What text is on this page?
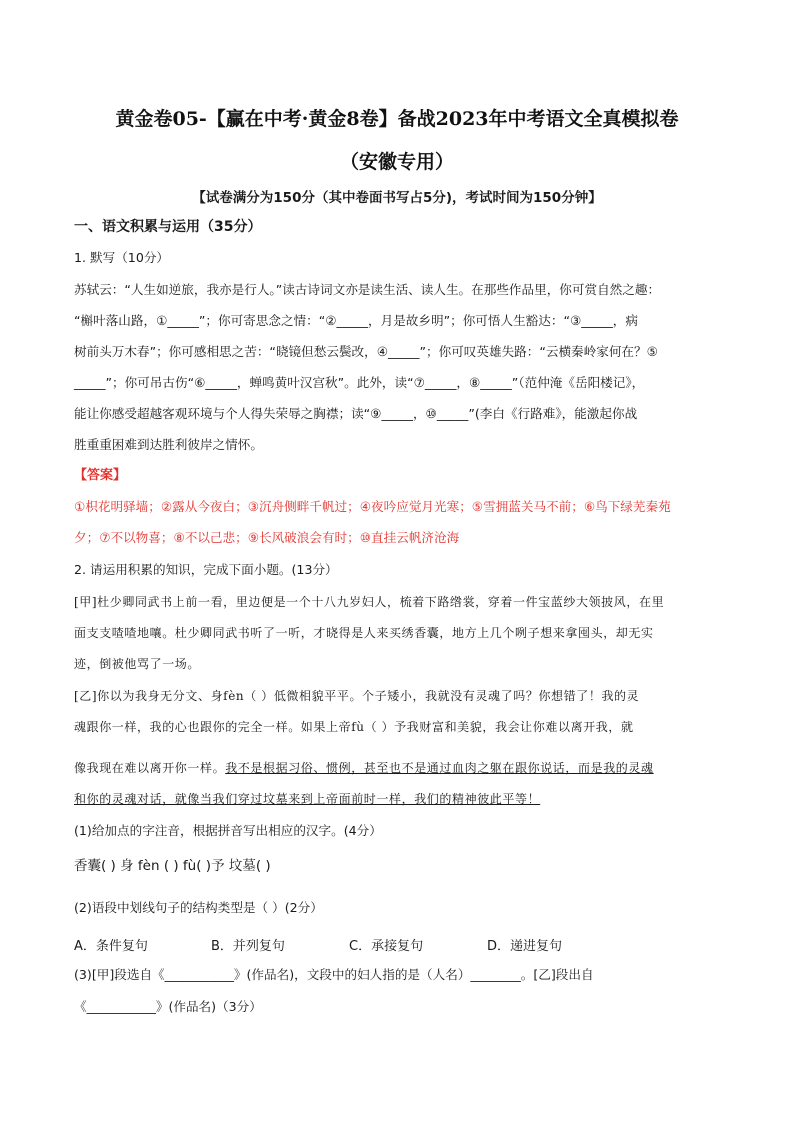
黄金卷05-【赢在中考·黄金8卷】备战2023年中考语文全真模拟卷
（安徽专用）
【试卷满分为150分（其中卷面书写占5分)，考试时间为150分钟】
一、语文积累与运用（35分）
1. 默写（10分）
苏轼云：“人生如逆旅，我亦是行人。”读古诗词文亦是读生活、读人生。在那些作品里，你可赏自然之趣：
“槲叶落山路，①_____”；你可寄思念之情：“②_____，月是故乡明”；你可悟人生豁达：“③_____，病
树前头万木春”；你可感相思之苦：“晓镜但愁云鬓改，④_____”；你可叹英雄失路：“云横秦岭家何在？⑤
_____”；你可吊古伤“⑥_____，蝉鸣黄叶汉宫秋”。此外，读“⑦_____，⑧_____”（范仲淹《岳阳楼记》，
能让你感受超越客观环境与个人得失荣辱之胸襟；读“⑨_____，⑩_____”(李白《行路难》，能激起你战
胜重重困难到达胜利彼岸之情怀。
【答案】
①枳花明驿墙；②露从今夜白；③沉舟侧畔千帆过；④夜吟应觉月光寒；⑤雪拥蓝关马不前；⑥鸟下绿芜秦苑
夕；⑦不以物喜；⑧不以己悲；⑨长风破浪会有时；⑩直挂云帆济沧海
2. 请运用积累的知识，完成下面小题。(13分）
[甲]杜少卿同武书上前一看，里边便是一个十八九岁妇人，梳着下路绺裳，穿着一件宝蓝纱大领披风，在里
面支支喳喳地嚷。杜少卿同武书听了一听，才晓得是人来买绣香囊，地方上几个咧子想来拿囤头，却无实
迹，倒被他骂了一场。
[乙]你以为我身无分文、身fèn（ ）低微相貌平平。个子矮小，我就没有灵魂了吗？你想错了！我的灵
魂跟你一样，我的心也跟你的完全一样。如果上帝fù（ ）予我财富和美貌，我会让你难以离开我，就
像我现在难以离开你一样。我不是根据习俗、惯例，甚至也不是通过血肉之躯在跟你说话，而是我的灵魂
和你的灵魂对话，就像当我们穿过坟墓来到上帝面前时一样，我们的精神彼此平等！
(1)给加点的字注音，根据拼音写出相应的汉字。(4分）
香囊( ) 身 fèn ( ) fù( )予 坟墓( )
(2)语段中划线句子的结构类型是（ ）(2分）
A．条件复句	B．并列复句	C．承接复句	D．递进复句
(3)[甲]段选自《___________》(作品名)，文段中的妇人指的是（人名）________。[乙]段出自
《___________》(作品名)（3分）
